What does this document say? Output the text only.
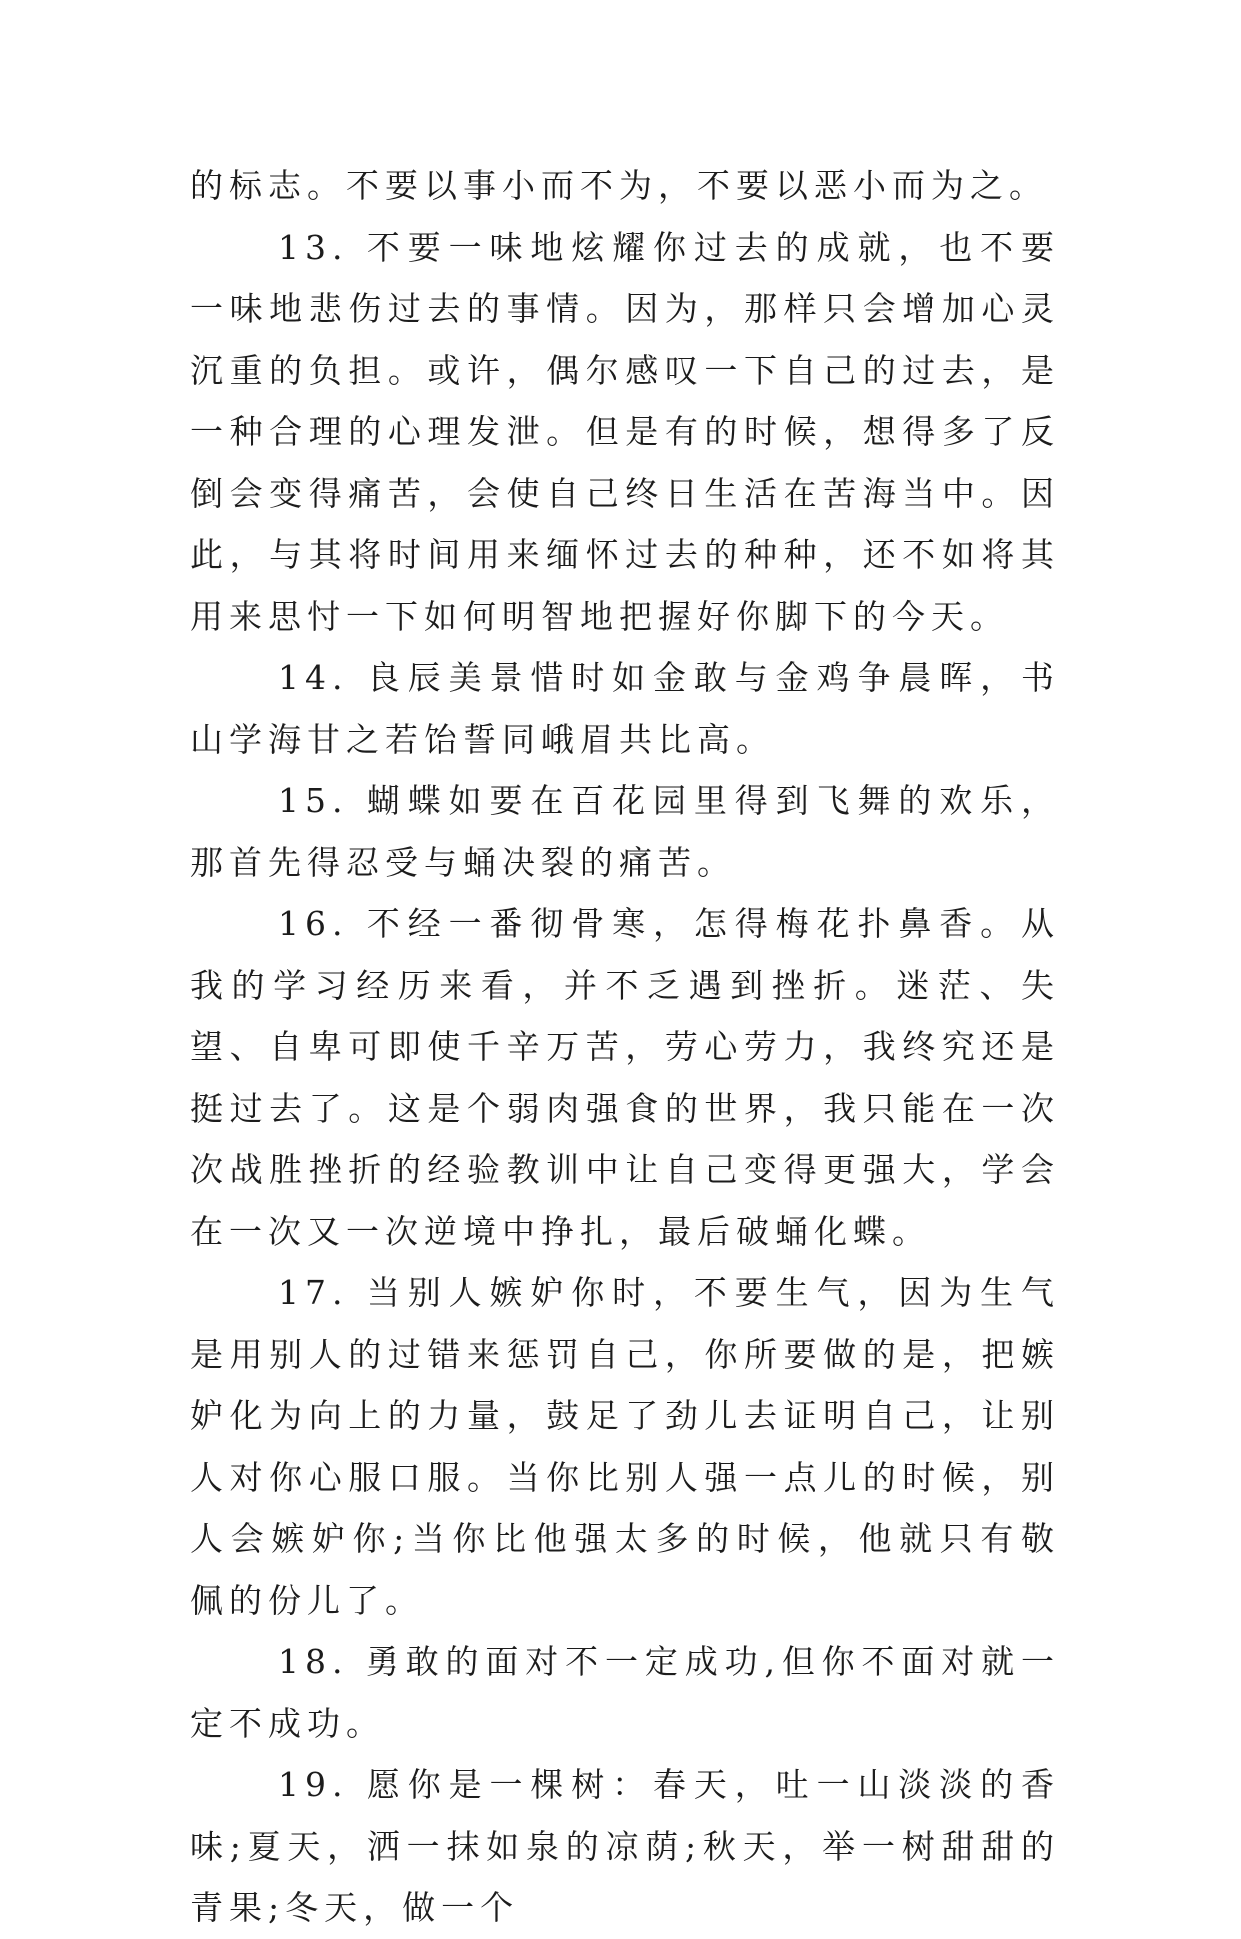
的标志。不要以事小而不为，不要以恶小而为之。

13. 不要一味地炫耀你过去的成就，也不要一味地悲伤过去的事情。因为，那样只会增加心灵沉重的负担。或许，偶尔感叹一下自己的过去，是一种合理的心理发泄。但是有的时候，想得多了反倒会变得痛苦，会使自己终日生活在苦海当中。因此，与其将时间用来缅怀过去的种种，还不如将其用来思忖一下如何明智地把握好你脚下的今天。

14. 良辰美景惜时如金敢与金鸡争晨晖，书山学海甘之若饴誓同峨眉共比高。

15. 蝴蝶如要在百花园里得到飞舞的欢乐，那首先得忍受与蛹决裂的痛苦。

16. 不经一番彻骨寒，怎得梅花扑鼻香。从我的学习经历来看，并不乏遇到挫折。迷茫、失望、自卑可即使千辛万苦，劳心劳力，我终究还是挺过去了。这是个弱肉强食的世界，我只能在一次次战胜挫折的经验教训中让自己变得更强大，学会在一次又一次逆境中挣扎，最后破蛹化蝶。

17. 当别人嫉妒你时，不要生气，因为生气是用别人的过错来惩罚自己，你所要做的是，把嫉妒化为向上的力量，鼓足了劲儿去证明自己，让别人对你心服口服。当你比别人强一点儿的时候，别人会嫉妒你;当你比他强太多的时候，他就只有敬佩的份儿了。

18. 勇敢的面对不一定成功,但你不面对就一定不成功。

19. 愿你是一棵树：春天，吐一山淡淡的香味;夏天，洒一抹如泉的凉荫;秋天，举一树甜甜的青果;冬天，做一个
